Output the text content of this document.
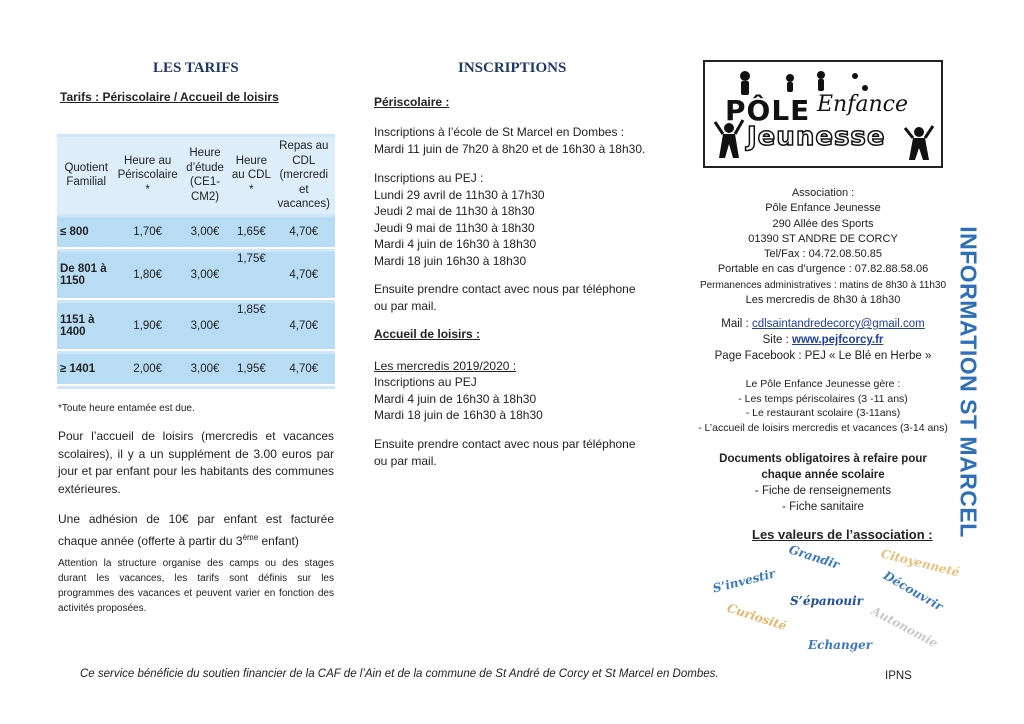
LES TARIFS
Tarifs : Périscolaire / Accueil de loisirs
Quotient Familial	Heure au Périscolaire *	Heure d’étude (CE1-CM2)	Heure au CDL *	Repas au CDL (mercredi et vacances)
≤ 800	1,70€	3,00€	1,65€	4,70€
De 801 à 1150	1,80€	3,00€	1,75€	4,70€
1151 à 1400	1,90€	3,00€	1,85€	4,70€
≥ 1401	2,00€	3,00€	1,95€	4,70€
*Toute heure entamée est due.
Pour l’accueil de loisirs (mercredis et vacances scolaires), il y a un supplément de 3.00 euros par jour et par enfant pour les habitants des communes extérieures.
Une adhésion de 10€ par enfant est facturée chaque année (offerte à partir du 3ème enfant)
Attention la structure organise des camps ou des stages durant les vacances, les tarifs sont définis sur les programmes des vacances et peuvent varier en fonction des activités proposées.
INSCRIPTIONS
Périscolaire :
Inscriptions à l’école de St Marcel en Dombes :
Mardi 11 juin de 7h20 à 8h20 et de 16h30 à 18h30.
Inscriptions au PEJ :
Lundi 29 avril de 11h30 à 17h30
Jeudi 2 mai de 11h30 à 18h30
Jeudi 9 mai de 11h30 à 18h30
Mardi 4 juin de 16h30 à 18h30
Mardi 18 juin 16h30 à 18h30
Ensuite prendre contact avec nous par téléphone
ou par mail.
Accueil de loisirs :
Les mercredis 2019/2020 :
Inscriptions au PEJ
Mardi 4 juin de 16h30 à 18h30
Mardi 18 juin de 16h30 à 18h30
Ensuite prendre contact avec nous par téléphone
ou par mail.
PÔLE Enfance
Jeunesse
Association :
Pôle Enfance Jeunesse
290 Allée des Sports
01390 ST ANDRE DE CORCY
Tel/Fax : 04.72.08.50.85
Portable en cas d’urgence : 07.82.88.58.06
Permanences administratives : matins de 8h30 à 11h30
Les mercredis de 8h30 à 18h30
Mail : cdlsaintandredecorcy@gmail.com
Site : www.pejfcorcy.fr
Page Facebook : PEJ « Le Blé en Herbe »
Le Pôle Enfance Jeunesse gère :
- Les temps périscolaires (3 -11 ans)
- Le restaurant scolaire (3-11ans)
- L’accueil de loisirs mercredis et vacances (3-14 ans)
Documents obligatoires à refaire pour
chaque année scolaire
- Fiche de renseignements
- Fiche sanitaire
Les valeurs de l’association :
Grandir	Citoyenneté
S’investir	Découvrir
S’épanouir
Curiosité	Autonomie
Echanger
INFORMATION ST MARCEL
Ce service bénéficie du soutien financier de la CAF de l’Ain et de la commune de St André de Corcy et St Marcel en Dombes.	IPNS
